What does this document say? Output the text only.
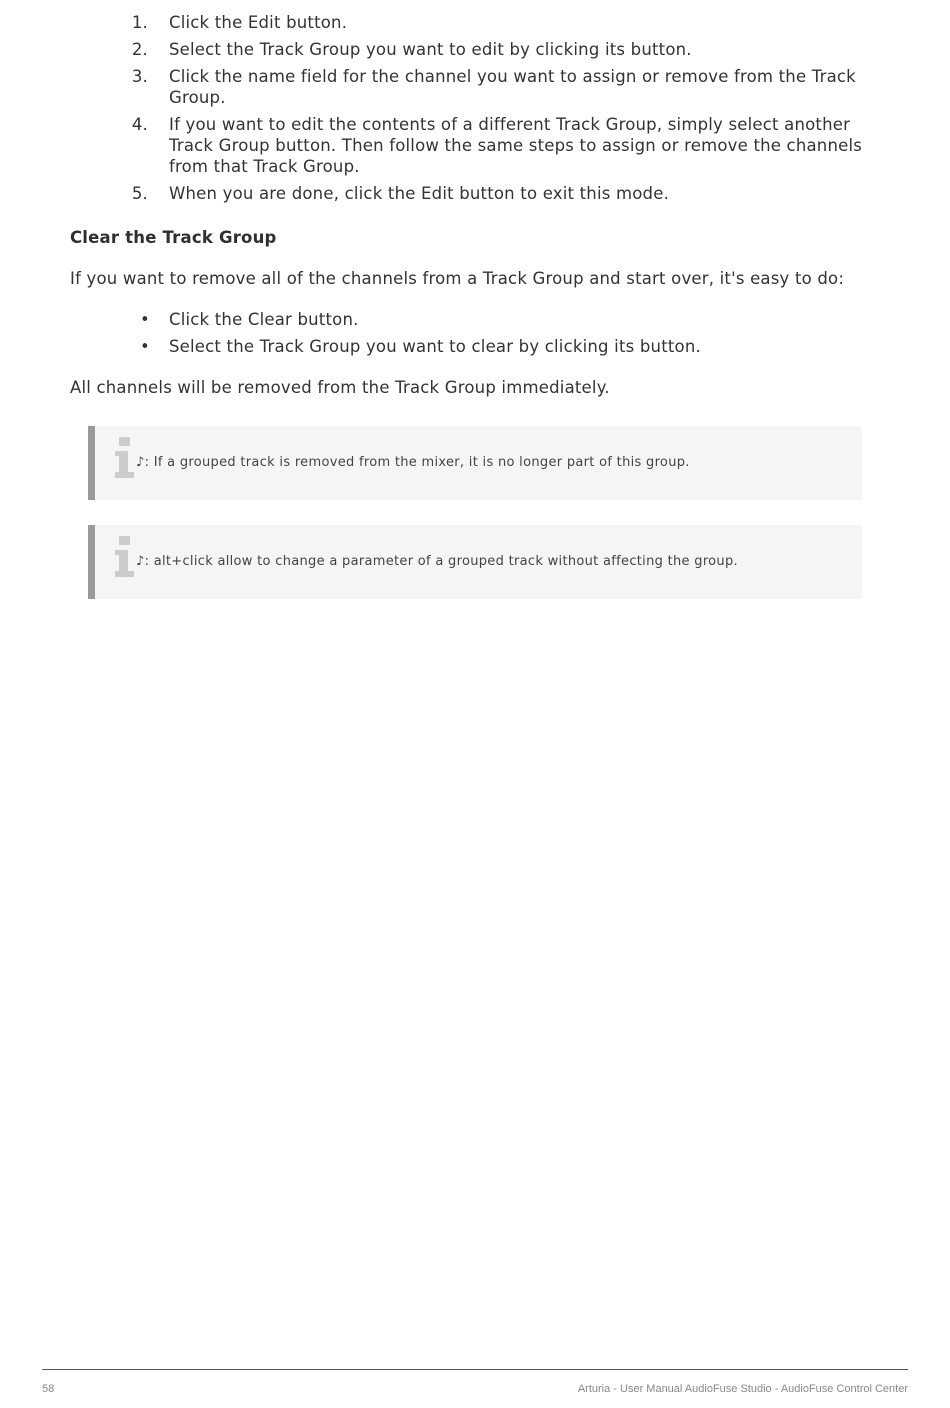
1. Click the Edit button.
2. Select the Track Group you want to edit by clicking its button.
3. Click the name field for the channel you want to assign or remove from the Track Group.
4. If you want to edit the contents of a different Track Group, simply select another Track Group button. Then follow the same steps to assign or remove the channels from that Track Group.
5. When you are done, click the Edit button to exit this mode.
Clear the Track Group

If you want to remove all of the channels from a Track Group and start over, it's easy to do:

• Click the Clear button.
• Select the Track Group you want to clear by clicking its button.

All channels will be removed from the Track Group immediately.

♪: If a grouped track is removed from the mixer, it is no longer part of this group.
♪: alt+click allow to change a parameter of a grouped track without affecting the group.
58	Arturia - User Manual AudioFuse Studio - AudioFuse Control Center
